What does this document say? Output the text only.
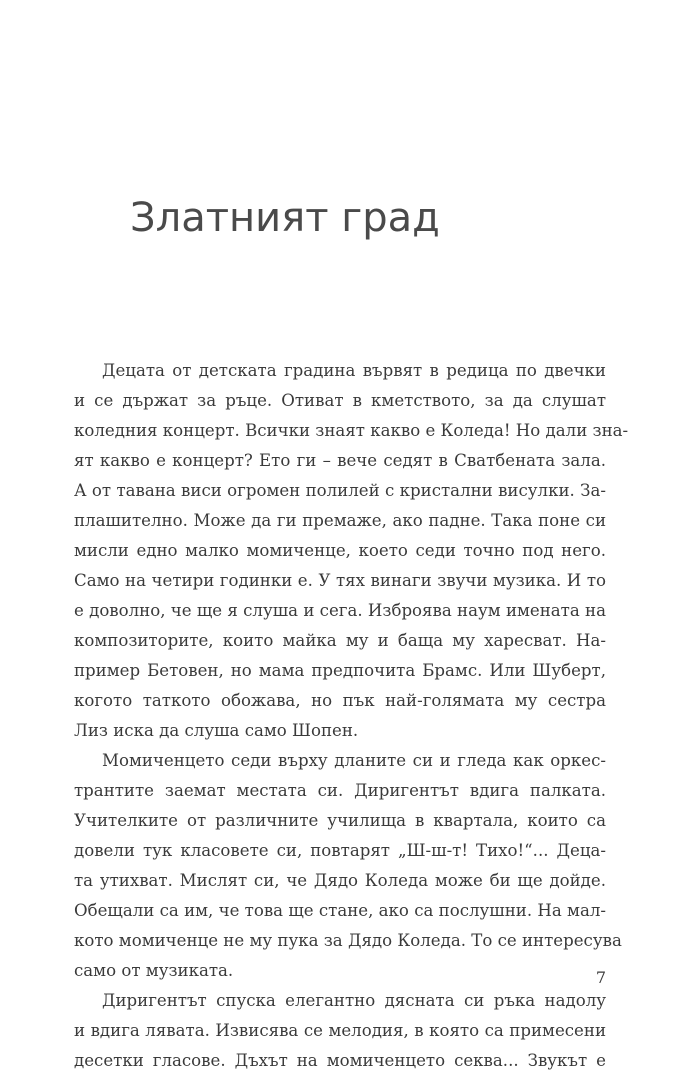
Златният град
Децата от детската градина вървят в редица по двечки
и се държат за ръце. Отиват в кметството, за да слушат
коледния концерт. Всички знаят какво е Коледа! Но дали зна-
ят какво е концерт? Ето ги – вече седят в Сватбената зала.
А от тавана виси огромен полилей с кристални висулки. За-
плашително. Може да ги премаже, ако падне. Така поне си
мисли едно малко момиченце, което седи точно под него.
Само на четири годинки е. У тях винаги звучи музика. И то
е доволно, че ще я слуша и сега. Изброява наум имената на
композиторите, които майка му и баща му харесват. На-
пример Бетовен, но мама предпочита Брамс. Или Шуберт,
когото таткото обожава, но пък най-голямата му сестра
Лиз иска да слуша само Шопен.
Момиченцето седи върху дланите си и гледа как оркес-
трантите заемат местата си. Диригентът вдига палката.
Учителките от различните училища в квартала, които са
довели тук класовете си, повтарят „Ш-ш-т! Тихо!“... Деца-
та утихват. Мислят си, че Дядо Коледа може би ще дойде.
Обещали са им, че това ще стане, ако са послушни. На мал-
кото момиченце не му пука за Дядо Коледа. То се интересува
само от музиката.
Диригентът спуска елегантно дясната си ръка надолу
и вдига лявата. Извисява се мелодия, в която са примесени
десетки гласове. Дъхът на момиченцето секва... Звукът е
7
